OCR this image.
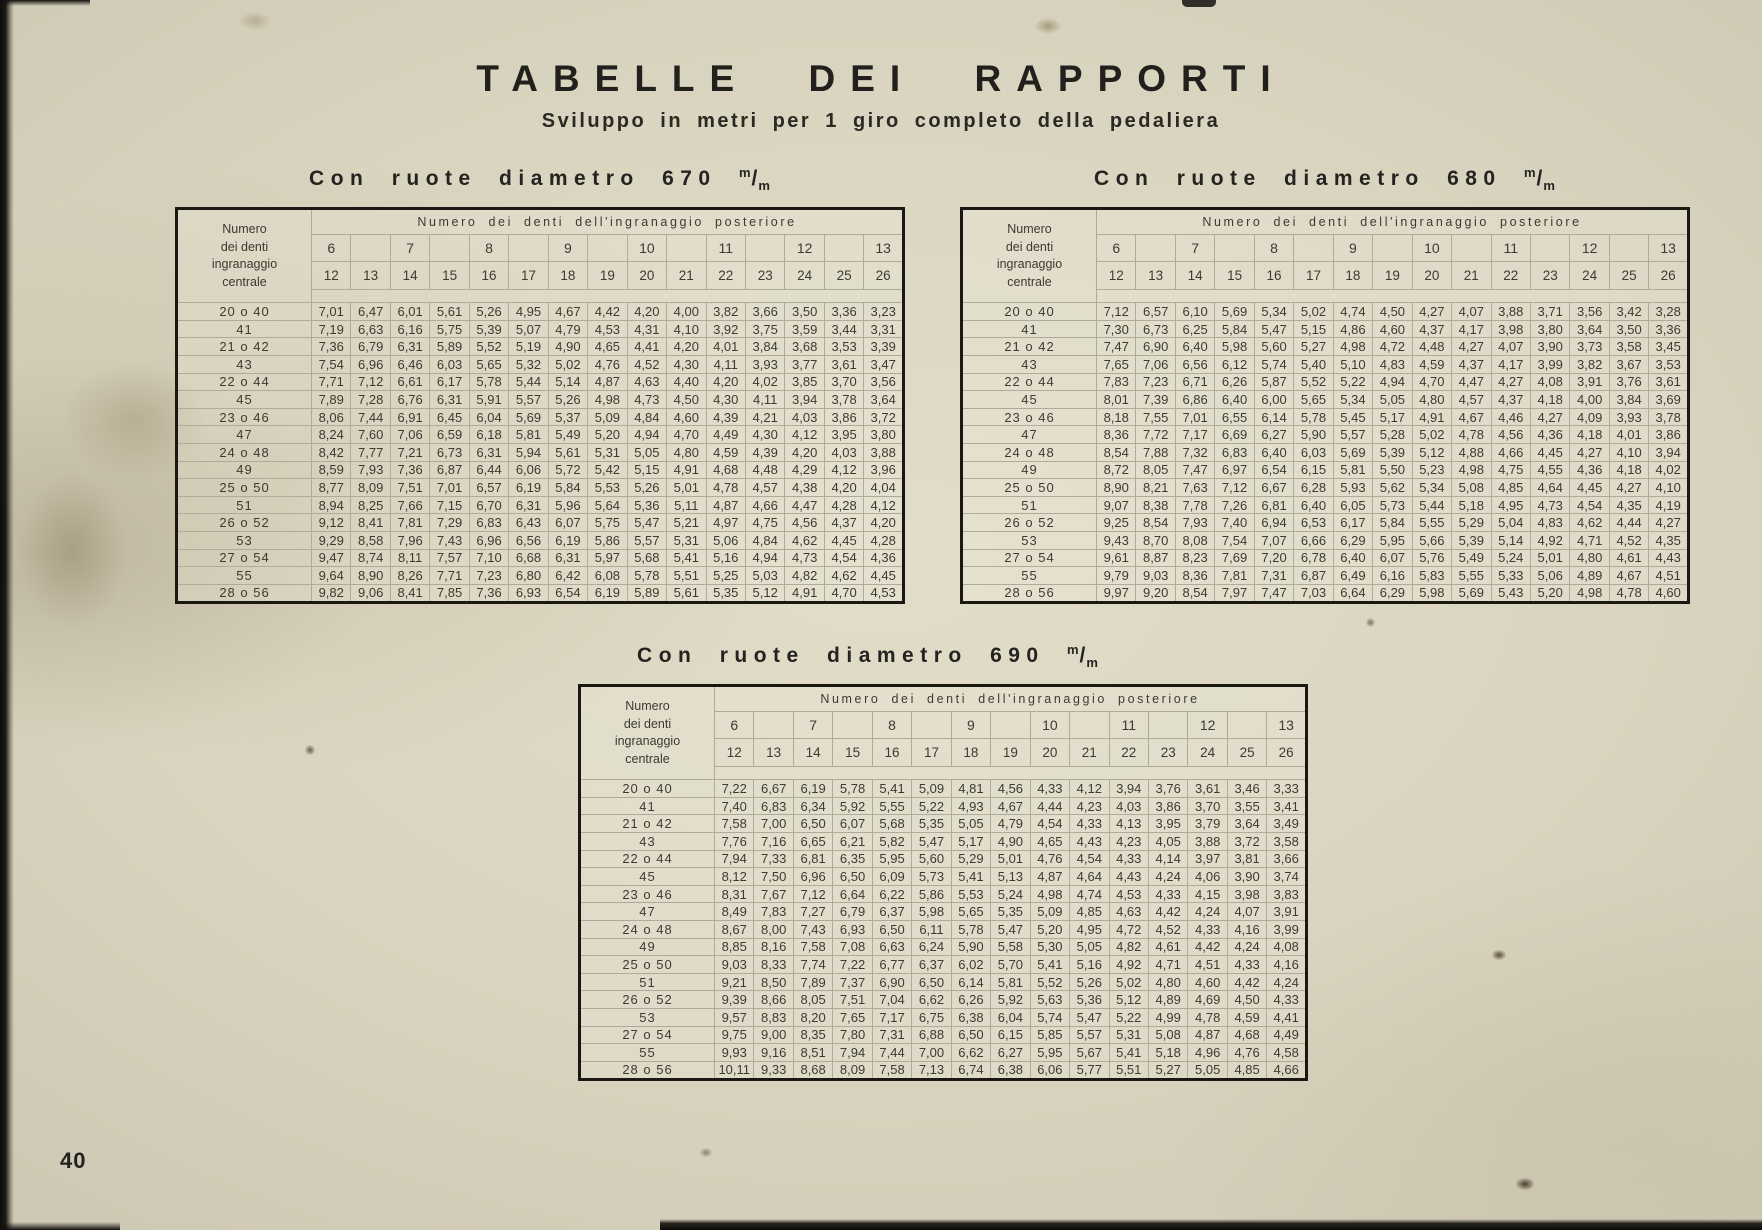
TABELLE DEI RAPPORTI
Sviluppo in metri per 1 giro completo della pedaliera
Con ruote diametro 670 $^m/_m$
Numero
dei denti
ingranaggio
centrale	Numero dei denti dell'ingranaggio posteriore														
	6		7		8		9		10		11		12		13
	12	13	14	15	16	17	18	19	20	21	22	23	24	25	26

20 o 40	7,01	6,47	6,01	5,61	5,26	4,95	4,67	4,42	4,20	4,00	3,82	3,66	3,50	3,36	3,23
41	7,19	6,63	6,16	5,75	5,39	5,07	4,79	4,53	4,31	4,10	3,92	3,75	3,59	3,44	3,31
21 o 42	7,36	6,79	6,31	5,89	5,52	5,19	4,90	4,65	4,41	4,20	4,01	3,84	3,68	3,53	3,39
43	7,54	6,96	6,46	6,03	5,65	5,32	5,02	4,76	4,52	4,30	4,11	3,93	3,77	3,61	3,47
22 o 44	7,71	7,12	6,61	6,17	5,78	5,44	5,14	4,87	4,63	4,40	4,20	4,02	3,85	3,70	3,56
45	7,89	7,28	6,76	6,31	5,91	5,57	5,26	4,98	4,73	4,50	4,30	4,11	3,94	3,78	3,64
23 o 46	8,06	7,44	6,91	6,45	6,04	5,69	5,37	5,09	4,84	4,60	4,39	4,21	4,03	3,86	3,72
47	8,24	7,60	7,06	6,59	6,18	5,81	5,49	5,20	4,94	4,70	4,49	4,30	4,12	3,95	3,80
24 o 48	8,42	7,77	7,21	6,73	6,31	5,94	5,61	5,31	5,05	4,80	4,59	4,39	4,20	4,03	3,88
49	8,59	7,93	7,36	6,87	6,44	6,06	5,72	5,42	5,15	4,91	4,68	4,48	4,29	4,12	3,96
25 o 50	8,77	8,09	7,51	7,01	6,57	6,19	5,84	5,53	5,26	5,01	4,78	4,57	4,38	4,20	4,04
51	8,94	8,25	7,66	7,15	6,70	6,31	5,96	5,64	5,36	5,11	4,87	4,66	4,47	4,28	4,12
26 o 52	9,12	8,41	7,81	7,29	6,83	6,43	6,07	5,75	5,47	5,21	4,97	4,75	4,56	4,37	4,20
53	9,29	8,58	7,96	7,43	6,96	6,56	6,19	5,86	5,57	5,31	5,06	4,84	4,62	4,45	4,28
27 o 54	9,47	8,74	8,11	7,57	7,10	6,68	6,31	5,97	5,68	5,41	5,16	4,94	4,73	4,54	4,36
55	9,64	8,90	8,26	7,71	7,23	6,80	6,42	6,08	5,78	5,51	5,25	5,03	4,82	4,62	4,45
28 o 56	9,82	9,06	8,41	7,85	7,36	6,93	6,54	6,19	5,89	5,61	5,35	5,12	4,91	4,70	4,53
Con ruote diametro 680 $^m/_m$
Numero
dei denti
ingranaggio
centrale	Numero dei denti dell'ingranaggio posteriore														
	6		7		8		9		10		11		12		13
	12	13	14	15	16	17	18	19	20	21	22	23	24	25	26

20 o 40	7,12	6,57	6,10	5,69	5,34	5,02	4,74	4,50	4,27	4,07	3,88	3,71	3,56	3,42	3,28
41	7,30	6,73	6,25	5,84	5,47	5,15	4,86	4,60	4,37	4,17	3,98	3,80	3,64	3,50	3,36
21 o 42	7,47	6,90	6,40	5,98	5,60	5,27	4,98	4,72	4,48	4,27	4,07	3,90	3,73	3,58	3,45
43	7,65	7,06	6,56	6,12	5,74	5,40	5,10	4,83	4,59	4,37	4,17	3,99	3,82	3,67	3,53
22 o 44	7,83	7,23	6,71	6,26	5,87	5,52	5,22	4,94	4,70	4,47	4,27	4,08	3,91	3,76	3,61
45	8,01	7,39	6,86	6,40	6,00	5,65	5,34	5,05	4,80	4,57	4,37	4,18	4,00	3,84	3,69
23 o 46	8,18	7,55	7,01	6,55	6,14	5,78	5,45	5,17	4,91	4,67	4,46	4,27	4,09	3,93	3,78
47	8,36	7,72	7,17	6,69	6,27	5,90	5,57	5,28	5,02	4,78	4,56	4,36	4,18	4,01	3,86
24 o 48	8,54	7,88	7,32	6,83	6,40	6,03	5,69	5,39	5,12	4,88	4,66	4,45	4,27	4,10	3,94
49	8,72	8,05	7,47	6,97	6,54	6,15	5,81	5,50	5,23	4,98	4,75	4,55	4,36	4,18	4,02
25 o 50	8,90	8,21	7,63	7,12	6,67	6,28	5,93	5,62	5,34	5,08	4,85	4,64	4,45	4,27	4,10
51	9,07	8,38	7,78	7,26	6,81	6,40	6,05	5,73	5,44	5,18	4,95	4,73	4,54	4,35	4,19
26 o 52	9,25	8,54	7,93	7,40	6,94	6,53	6,17	5,84	5,55	5,29	5,04	4,83	4,62	4,44	4,27
53	9,43	8,70	8,08	7,54	7,07	6,66	6,29	5,95	5,66	5,39	5,14	4,92	4,71	4,52	4,35
27 o 54	9,61	8,87	8,23	7,69	7,20	6,78	6,40	6,07	5,76	5,49	5,24	5,01	4,80	4,61	4,43
55	9,79	9,03	8,36	7,81	7,31	6,87	6,49	6,16	5,83	5,55	5,33	5,06	4,89	4,67	4,51
28 o 56	9,97	9,20	8,54	7,97	7,47	7,03	6,64	6,29	5,98	5,69	5,43	5,20	4,98	4,78	4,60
Con ruote diametro 690 $^m/_m$
Numero
dei denti
ingranaggio
centrale	Numero dei denti dell'ingranaggio posteriore														
	6		7		8		9		10		11		12		13
	12	13	14	15	16	17	18	19	20	21	22	23	24	25	26

20 o 40	7,22	6,67	6,19	5,78	5,41	5,09	4,81	4,56	4,33	4,12	3,94	3,76	3,61	3,46	3,33
41	7,40	6,83	6,34	5,92	5,55	5,22	4,93	4,67	4,44	4,23	4,03	3,86	3,70	3,55	3,41
21 o 42	7,58	7,00	6,50	6,07	5,68	5,35	5,05	4,79	4,54	4,33	4,13	3,95	3,79	3,64	3,49
43	7,76	7,16	6,65	6,21	5,82	5,47	5,17	4,90	4,65	4,43	4,23	4,05	3,88	3,72	3,58
22 o 44	7,94	7,33	6,81	6,35	5,95	5,60	5,29	5,01	4,76	4,54	4,33	4,14	3,97	3,81	3,66
45	8,12	7,50	6,96	6,50	6,09	5,73	5,41	5,13	4,87	4,64	4,43	4,24	4,06	3,90	3,74
23 o 46	8,31	7,67	7,12	6,64	6,22	5,86	5,53	5,24	4,98	4,74	4,53	4,33	4,15	3,98	3,83
47	8,49	7,83	7,27	6,79	6,37	5,98	5,65	5,35	5,09	4,85	4,63	4,42	4,24	4,07	3,91
24 o 48	8,67	8,00	7,43	6,93	6,50	6,11	5,78	5,47	5,20	4,95	4,72	4,52	4,33	4,16	3,99
49	8,85	8,16	7,58	7,08	6,63	6,24	5,90	5,58	5,30	5,05	4,82	4,61	4,42	4,24	4,08
25 o 50	9,03	8,33	7,74	7,22	6,77	6,37	6,02	5,70	5,41	5,16	4,92	4,71	4,51	4,33	4,16
51	9,21	8,50	7,89	7,37	6,90	6,50	6,14	5,81	5,52	5,26	5,02	4,80	4,60	4,42	4,24
26 o 52	9,39	8,66	8,05	7,51	7,04	6,62	6,26	5,92	5,63	5,36	5,12	4,89	4,69	4,50	4,33
53	9,57	8,83	8,20	7,65	7,17	6,75	6,38	6,04	5,74	5,47	5,22	4,99	4,78	4,59	4,41
27 o 54	9,75	9,00	8,35	7,80	7,31	6,88	6,50	6,15	5,85	5,57	5,31	5,08	4,87	4,68	4,49
55	9,93	9,16	8,51	7,94	7,44	7,00	6,62	6,27	5,95	5,67	5,41	5,18	4,96	4,76	4,58
28 o 56	10,11	9,33	8,68	8,09	7,58	7,13	6,74	6,38	6,06	5,77	5,51	5,27	5,05	4,85	4,66
40
